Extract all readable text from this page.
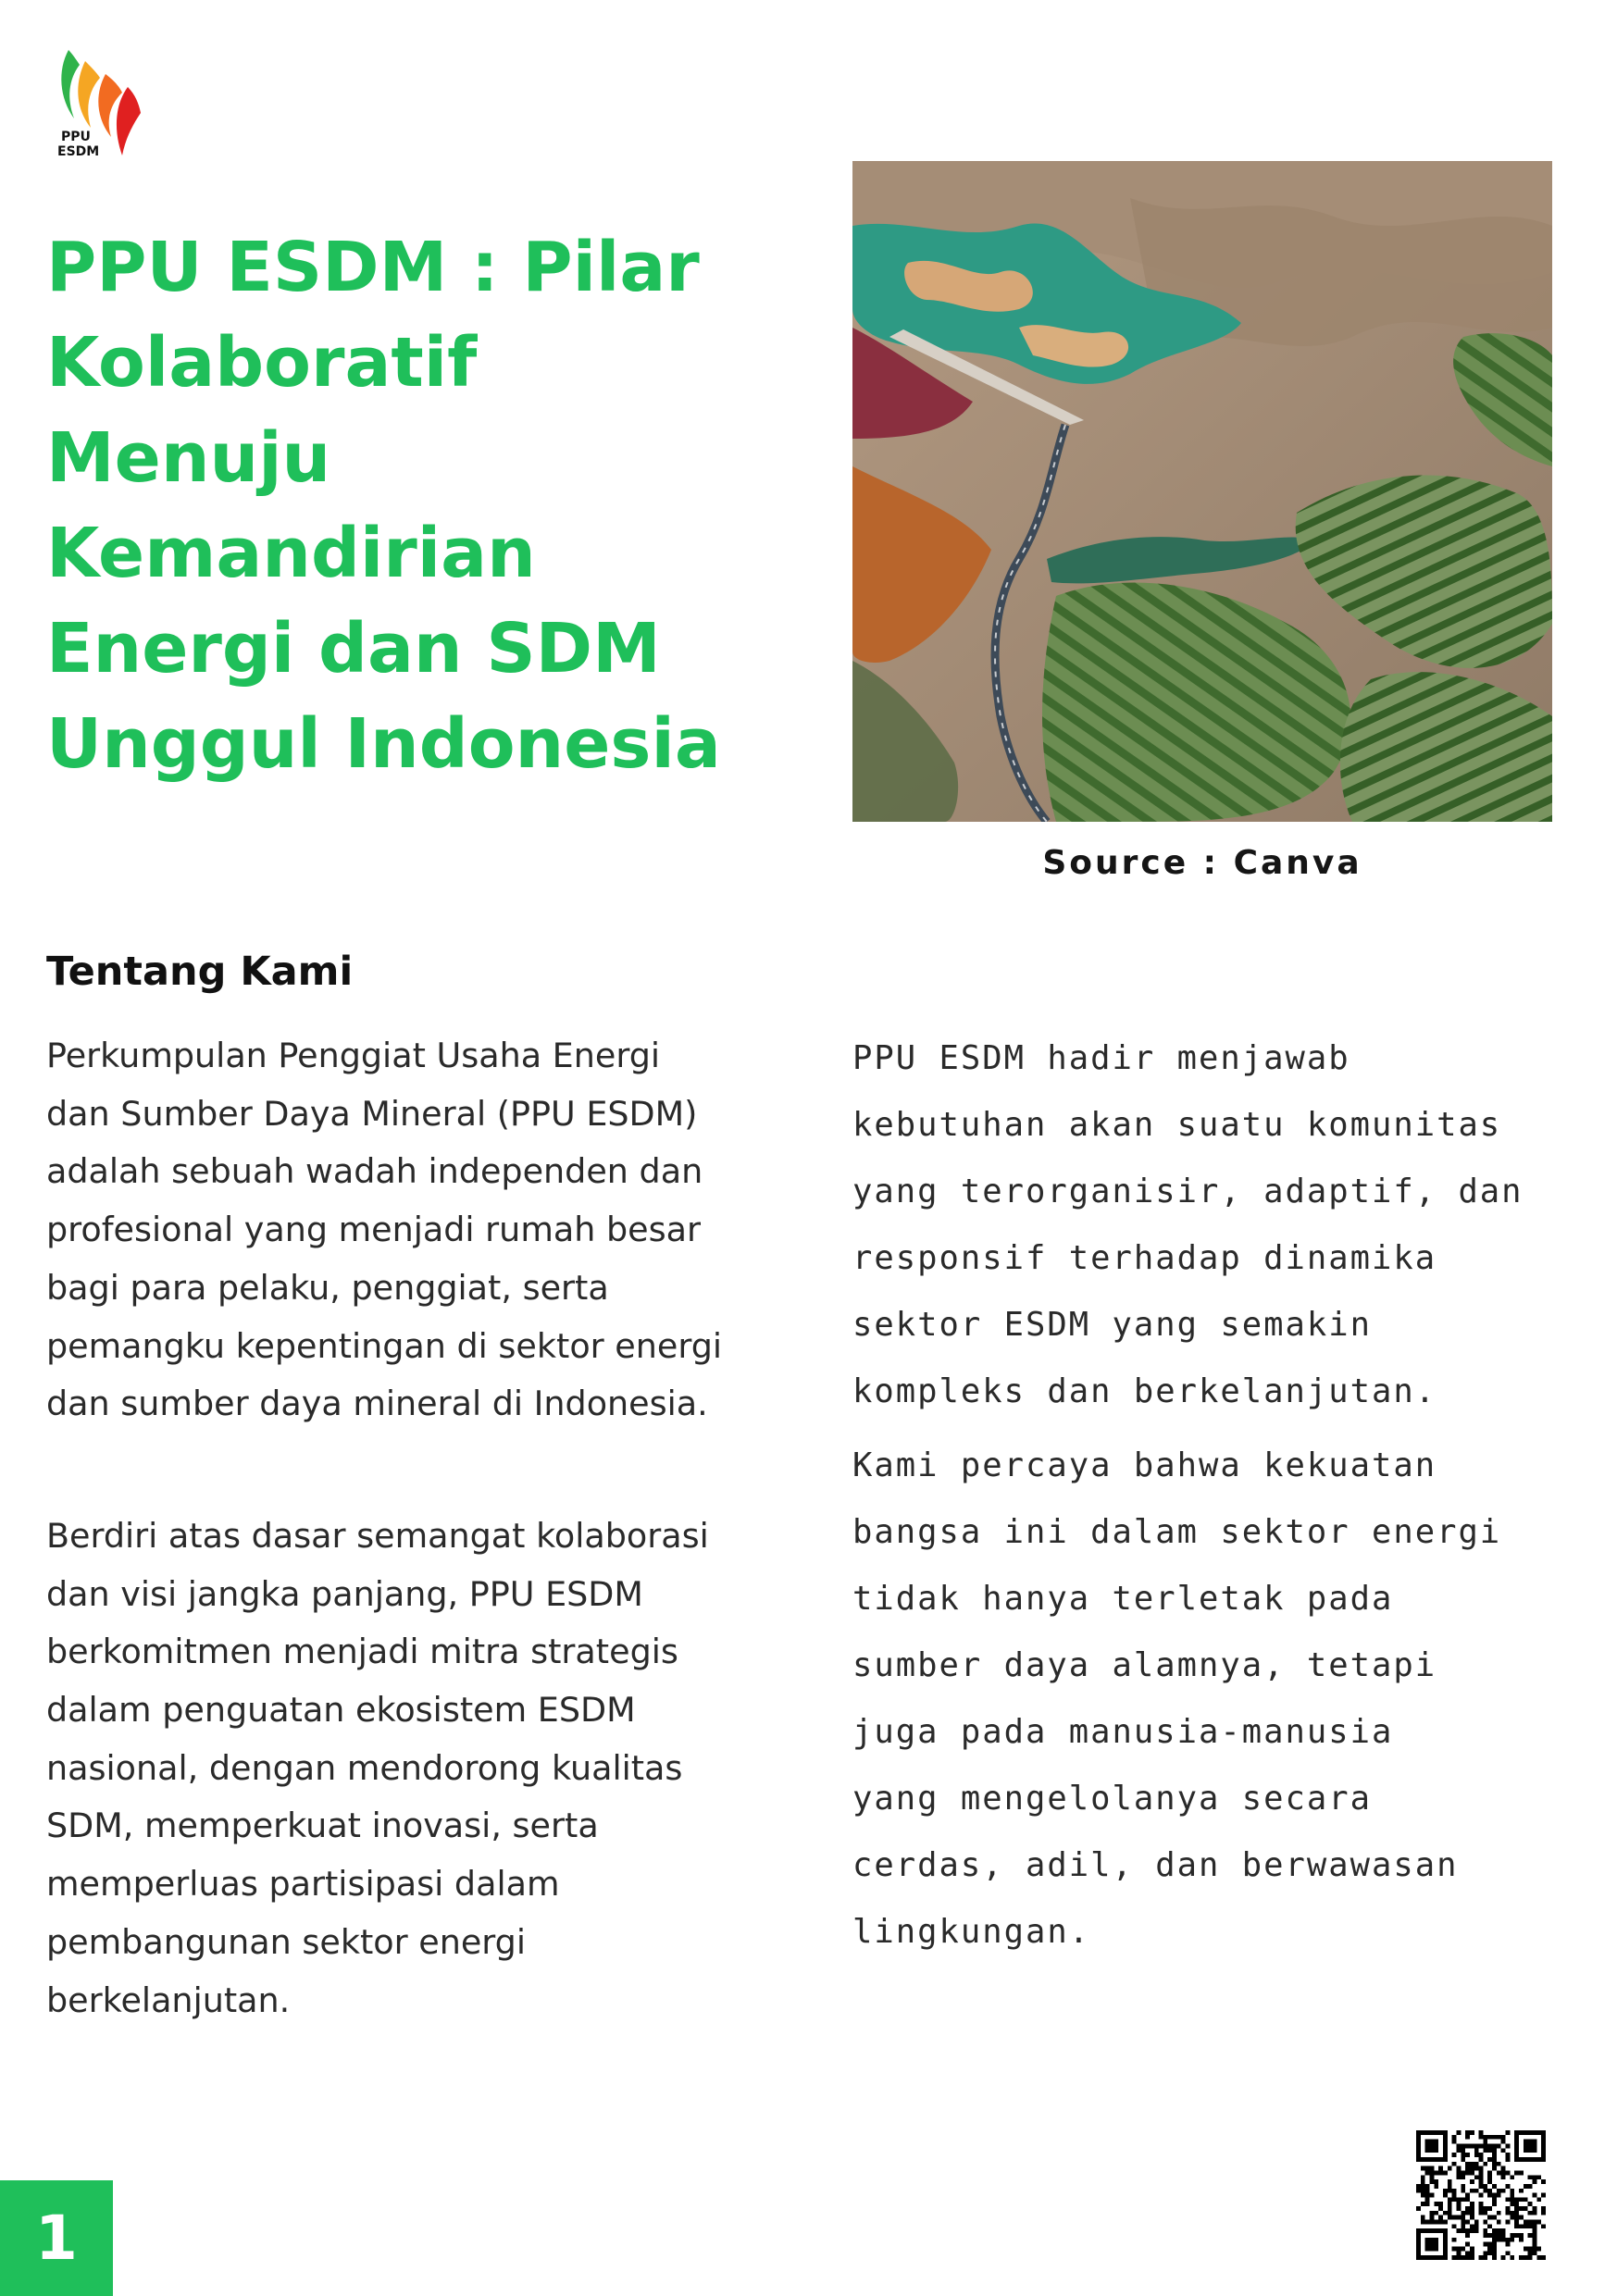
PPU
ESDM
PPU ESDM : Pilar
Kolaboratif
Menuju
Kemandirian
Energi dan SDM
Unggul Indonesia
Source : Canva
Tentang Kami
Perkumpulan Penggiat Usaha Energi
dan Sumber Daya Mineral (PPU ESDM)
adalah sebuah wadah independen dan
profesional yang menjadi rumah besar
bagi para pelaku, penggiat, serta
pemangku kepentingan di sektor energi
dan sumber daya mineral di Indonesia.
Berdiri atas dasar semangat kolaborasi
dan visi jangka panjang, PPU ESDM
berkomitmen menjadi mitra strategis
dalam penguatan ekosistem ESDM
nasional, dengan mendorong kualitas
SDM, memperkuat inovasi, serta
memperluas partisipasi dalam
pembangunan sektor energi
berkelanjutan.
PPU ESDM hadir menjawab
kebutuhan akan suatu komunitas
yang terorganisir, adaptif, dan
responsif terhadap dinamika
sektor ESDM yang semakin
kompleks dan berkelanjutan.
Kami percaya bahwa kekuatan
bangsa ini dalam sektor energi
tidak hanya terletak pada
sumber daya alamnya, tetapi
juga pada manusia-manusia
yang mengelolanya secara
cerdas, adil, dan berwawasan
lingkungan.
1
